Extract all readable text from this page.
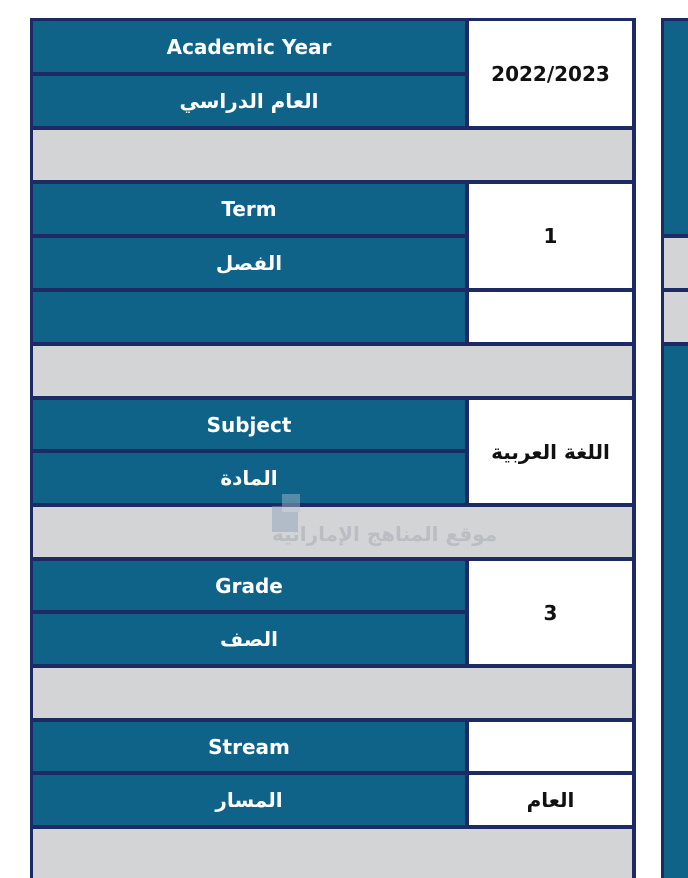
Academic Year
العام الدراسي
2022/2023
Term
الفصل
1
Subject
المادة
اللغة العربية
Grade
الصف
3
Stream
المسار	العام
موقع المناهج الإماراتية
